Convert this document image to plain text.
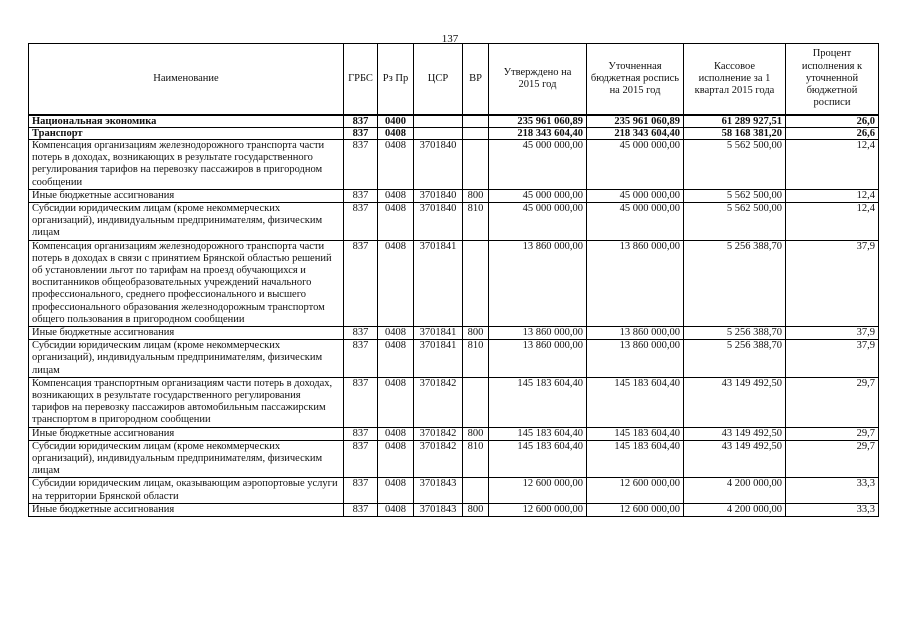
137
Наименование	ГРБС	Рз Пр	ЦСР	ВР	Утверждено на 2015 год	Уточненная бюджетная роспись на 2015 год	Кассовое исполнение за 1 квартал 2015 года	Процент исполнения к уточненной бюджетной росписи
Национальная экономика	837	0400			235 961 060,89	235 961 060,89	61 289 927,51	26,0
Транспорт	837	0408			218 343 604,40	218 343 604,40	58 168 381,20	26,6
Компенсация организациям железнодорожного транспорта части потерь в доходах, возникающих в результате государственного регулирования тарифов на перевозку пассажиров в пригородном сообщении	837	0408	3701840		45 000 000,00	45 000 000,00	5 562 500,00	12,4
Иные бюджетные ассигнования	837	0408	3701840	800	45 000 000,00	45 000 000,00	5 562 500,00	12,4
Субсидии юридическим лицам (кроме некоммерческих организаций), индивидуальным предпринимателям, физическим лицам	837	0408	3701840	810	45 000 000,00	45 000 000,00	5 562 500,00	12,4
Компенсация организациям железнодорожного транспорта части потерь в доходах в связи с принятием Брянской областью решений об установлении льгот по тарифам на проезд обучающихся и воспитанников общеобразовательных учреждений начального профессионального, среднего профессионального и высшего профессионального образования железнодорожным транспортом общего пользования в пригородном сообщении	837	0408	3701841		13 860 000,00	13 860 000,00	5 256 388,70	37,9
Иные бюджетные ассигнования	837	0408	3701841	800	13 860 000,00	13 860 000,00	5 256 388,70	37,9
Субсидии юридическим лицам (кроме некоммерческих организаций), индивидуальным предпринимателям, физическим лицам	837	0408	3701841	810	13 860 000,00	13 860 000,00	5 256 388,70	37,9
Компенсация транспортным организациям части потерь в доходах, возникающих в результате государственного регулирования тарифов на перевозку пассажиров автомобильным пассажирским транспортом в пригородном сообщении	837	0408	3701842		145 183 604,40	145 183 604,40	43 149 492,50	29,7
Иные бюджетные ассигнования	837	0408	3701842	800	145 183 604,40	145 183 604,40	43 149 492,50	29,7
Субсидии юридическим лицам (кроме некоммерческих организаций), индивидуальным предпринимателям, физическим лицам	837	0408	3701842	810	145 183 604,40	145 183 604,40	43 149 492,50	29,7
Субсидии юридическим лицам, оказывающим аэропортовые услуги на территории Брянской области	837	0408	3701843		12 600 000,00	12 600 000,00	4 200 000,00	33,3
Иные бюджетные ассигнования	837	0408	3701843	800	12 600 000,00	12 600 000,00	4 200 000,00	33,3
